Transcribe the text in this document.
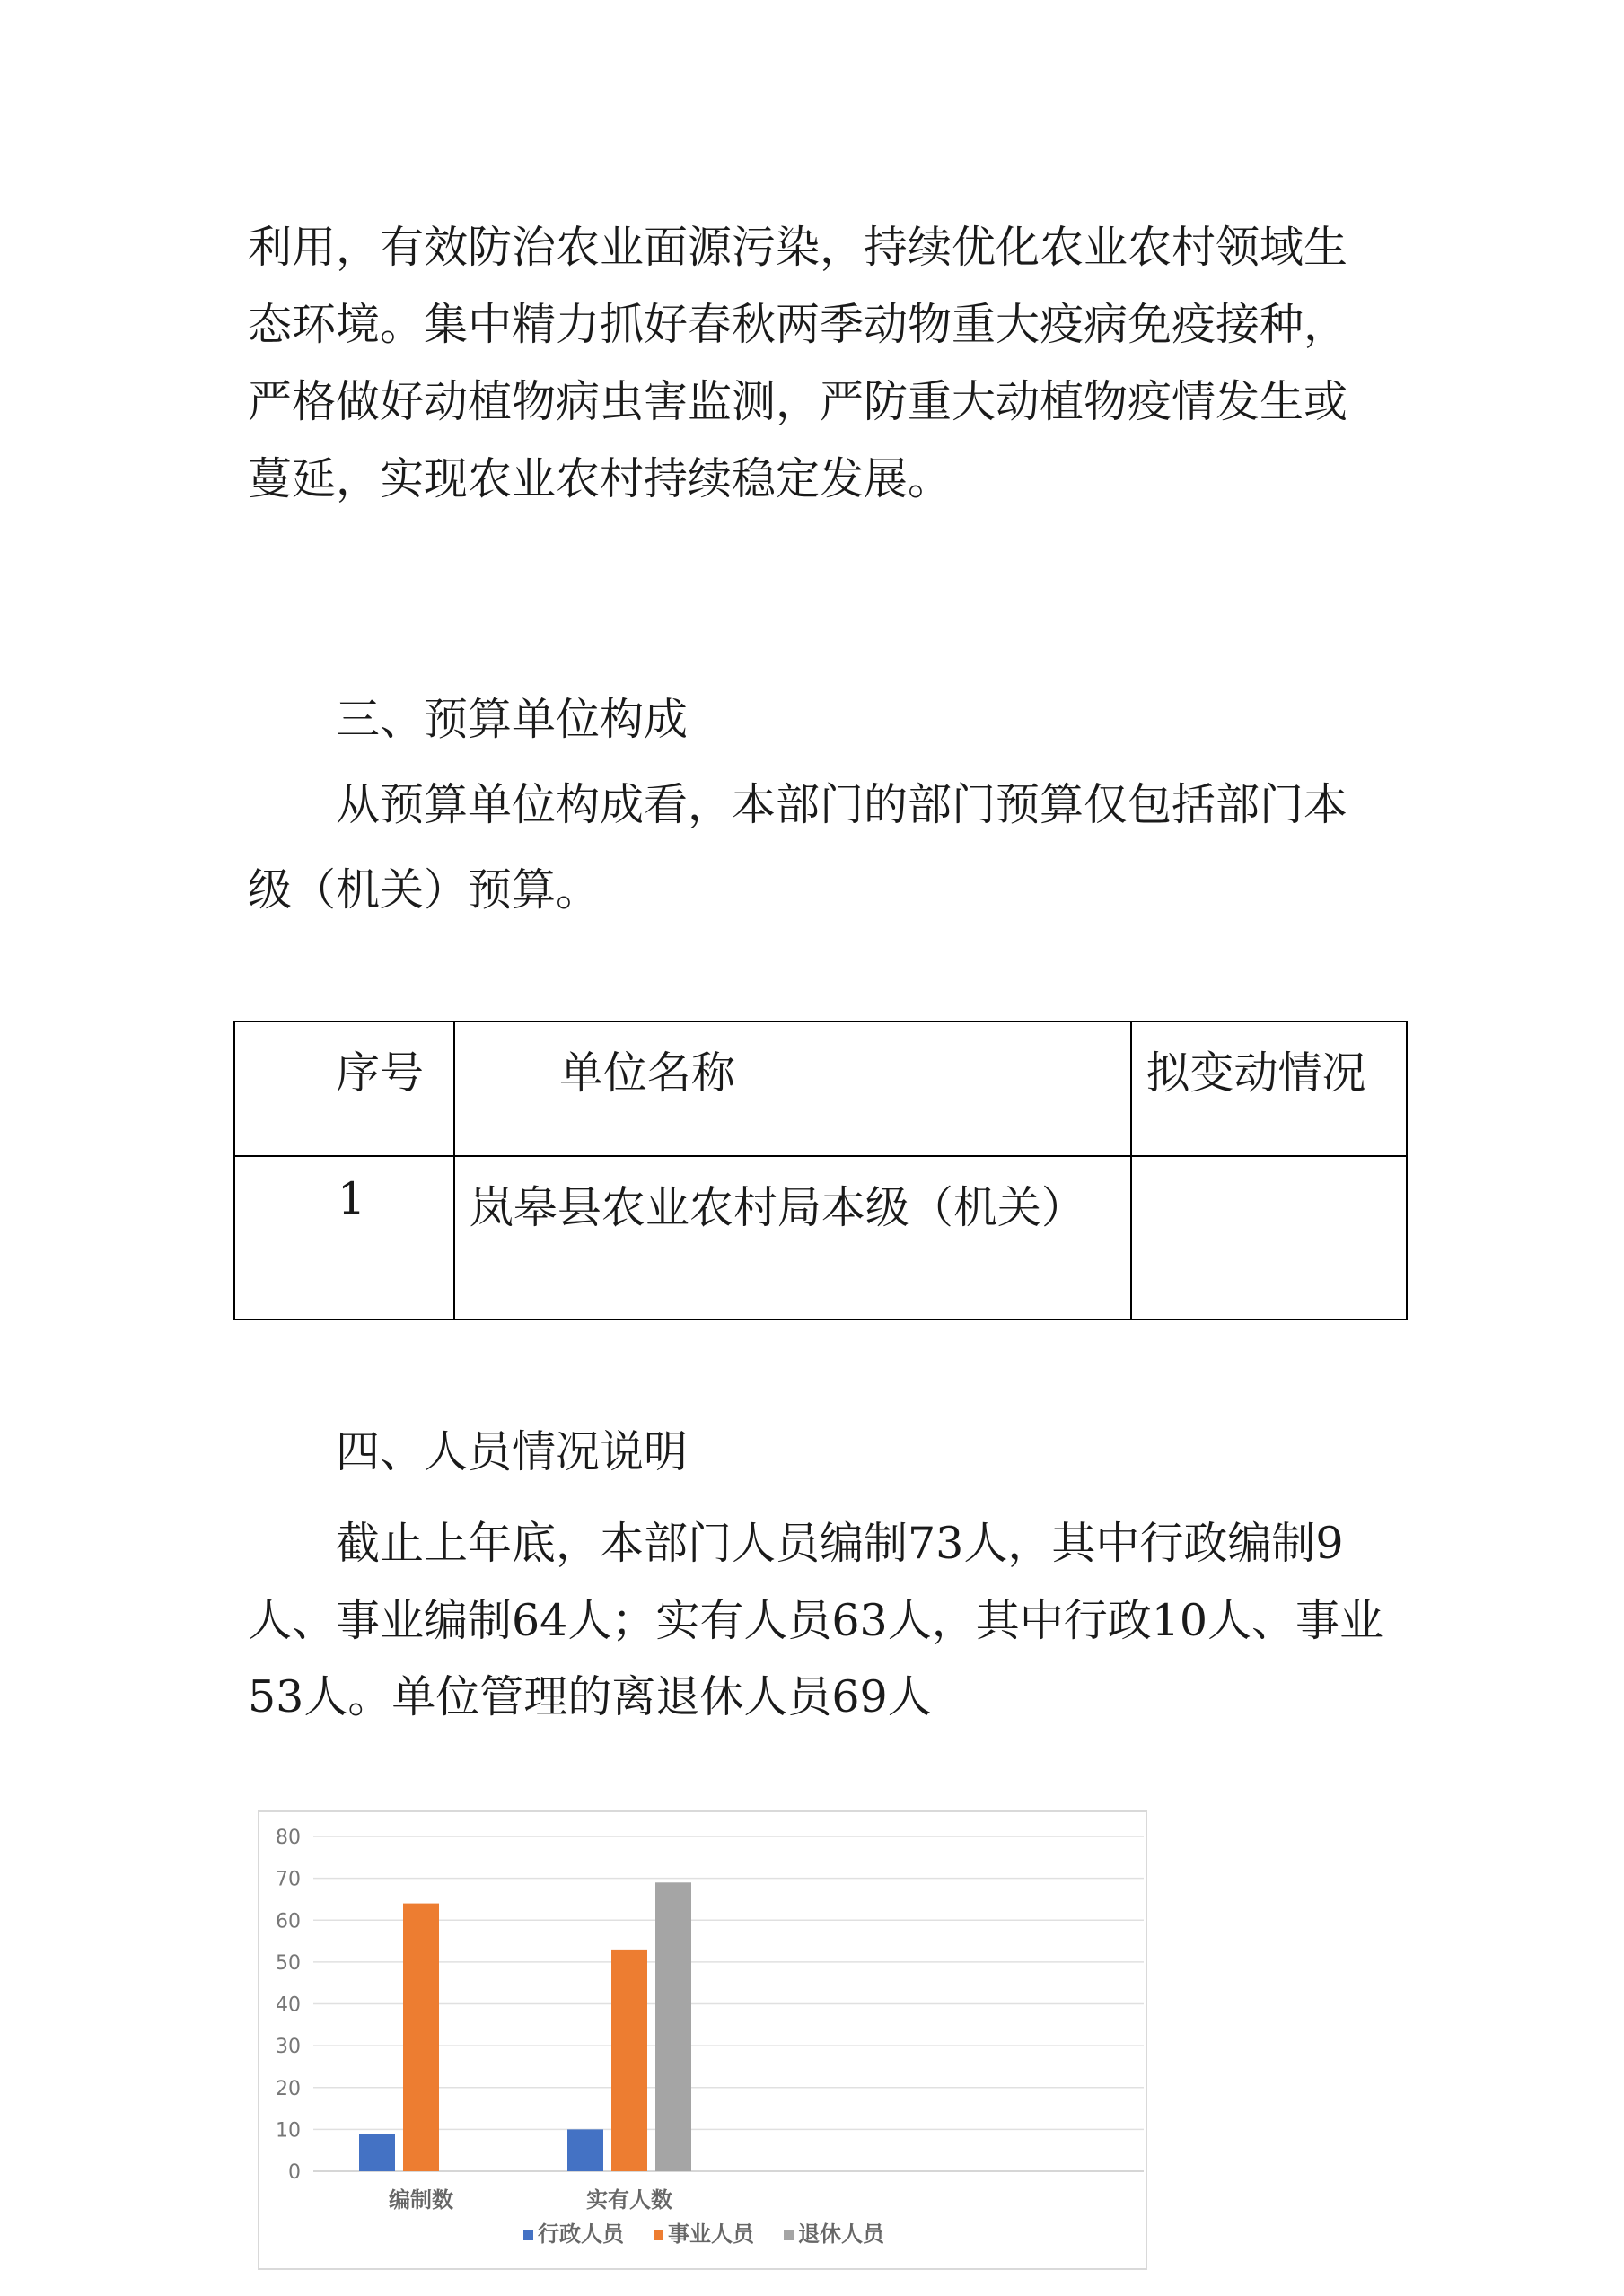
利用，有效防治农业面源污染，持续优化农业农村领域生
态环境。集中精力抓好春秋两季动物重大疫病免疫接种，
严格做好动植物病虫害监测，严防重大动植物疫情发生或
蔓延，实现农业农村持续稳定发展。
三、预算单位构成
从预算单位构成看，本部门的部门预算仅包括部门本
级（机关）预算。
序号	单位名称	拟变动情况

1	岚皋县农业农村局本级（机关）	

四、人员情况说明
截止上年底，本部门人员编制73人，其中行政编制9
人、事业编制64人；实有人员63人，其中行政10人、事业
53人。单位管理的离退休人员69人
0
10
20
30
40
50
60
70
80
编制数	实有人数
行政人员 事业人员 退休人员
